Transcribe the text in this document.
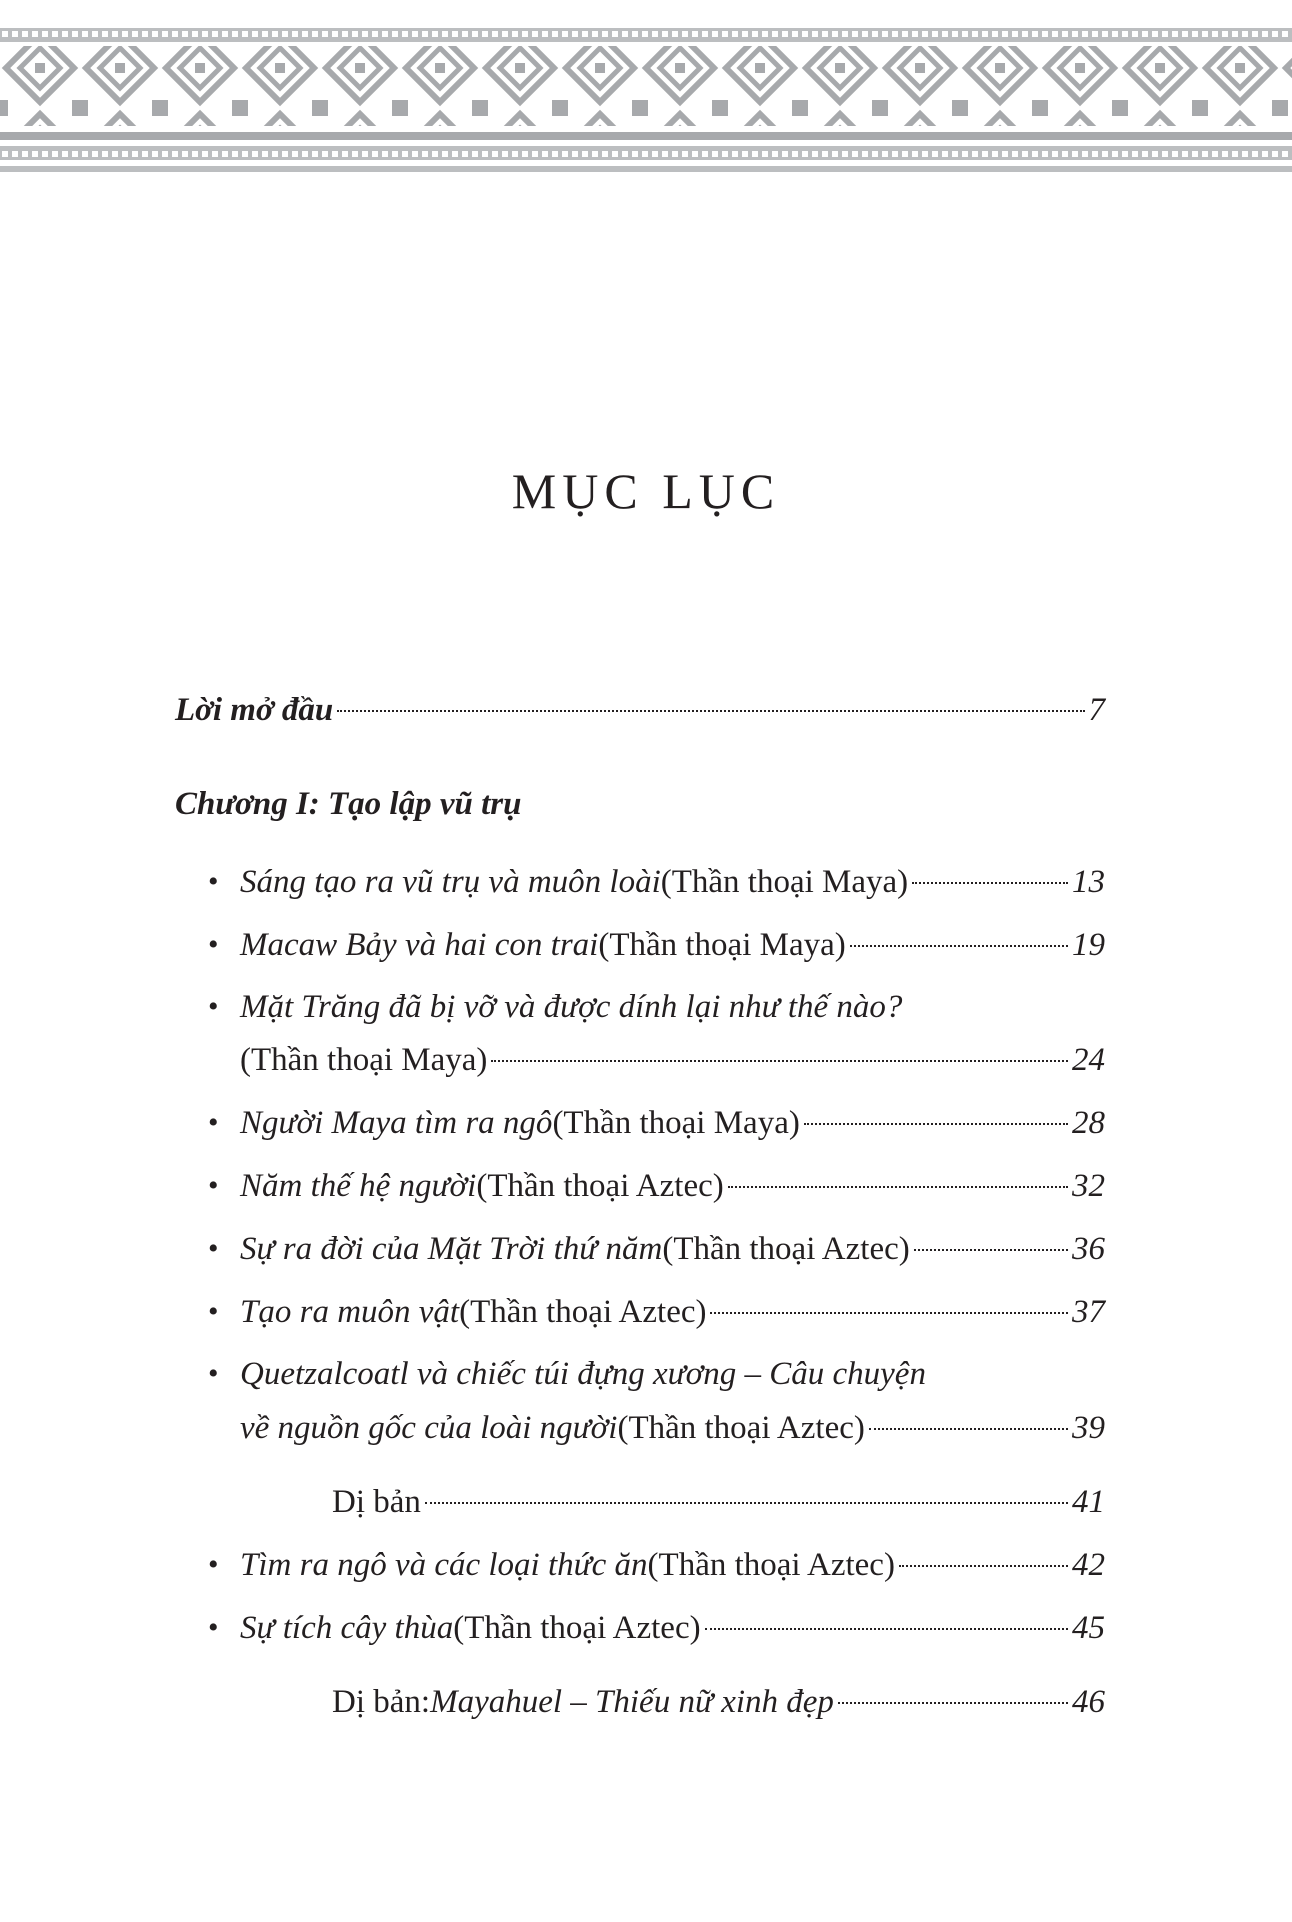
MỤC LỤC
Lời mở đầu	7
Chương I: Tạo lập vũ trụ
• Sáng tạo ra vũ trụ và muôn loài (Thần thoại Maya)	13
• Macaw Bảy và hai con trai (Thần thoại Maya)	19
• Mặt Trăng đã bị vỡ và được dính lại như thế nào?
(Thần thoại Maya)	24
• Người Maya tìm ra ngô (Thần thoại Maya)	28
• Năm thế hệ người (Thần thoại Aztec)	32
• Sự ra đời của Mặt Trời thứ năm (Thần thoại Aztec)	36
• Tạo ra muôn vật (Thần thoại Aztec)	37
• Quetzalcoatl và chiếc túi đựng xương – Câu chuyện
về nguồn gốc của loài người (Thần thoại Aztec)	39
Dị bản	41
• Tìm ra ngô và các loại thức ăn (Thần thoại Aztec)	42
• Sự tích cây thùa (Thần thoại Aztec)	45
Dị bản: Mayahuel – Thiếu nữ xinh đẹp	46
